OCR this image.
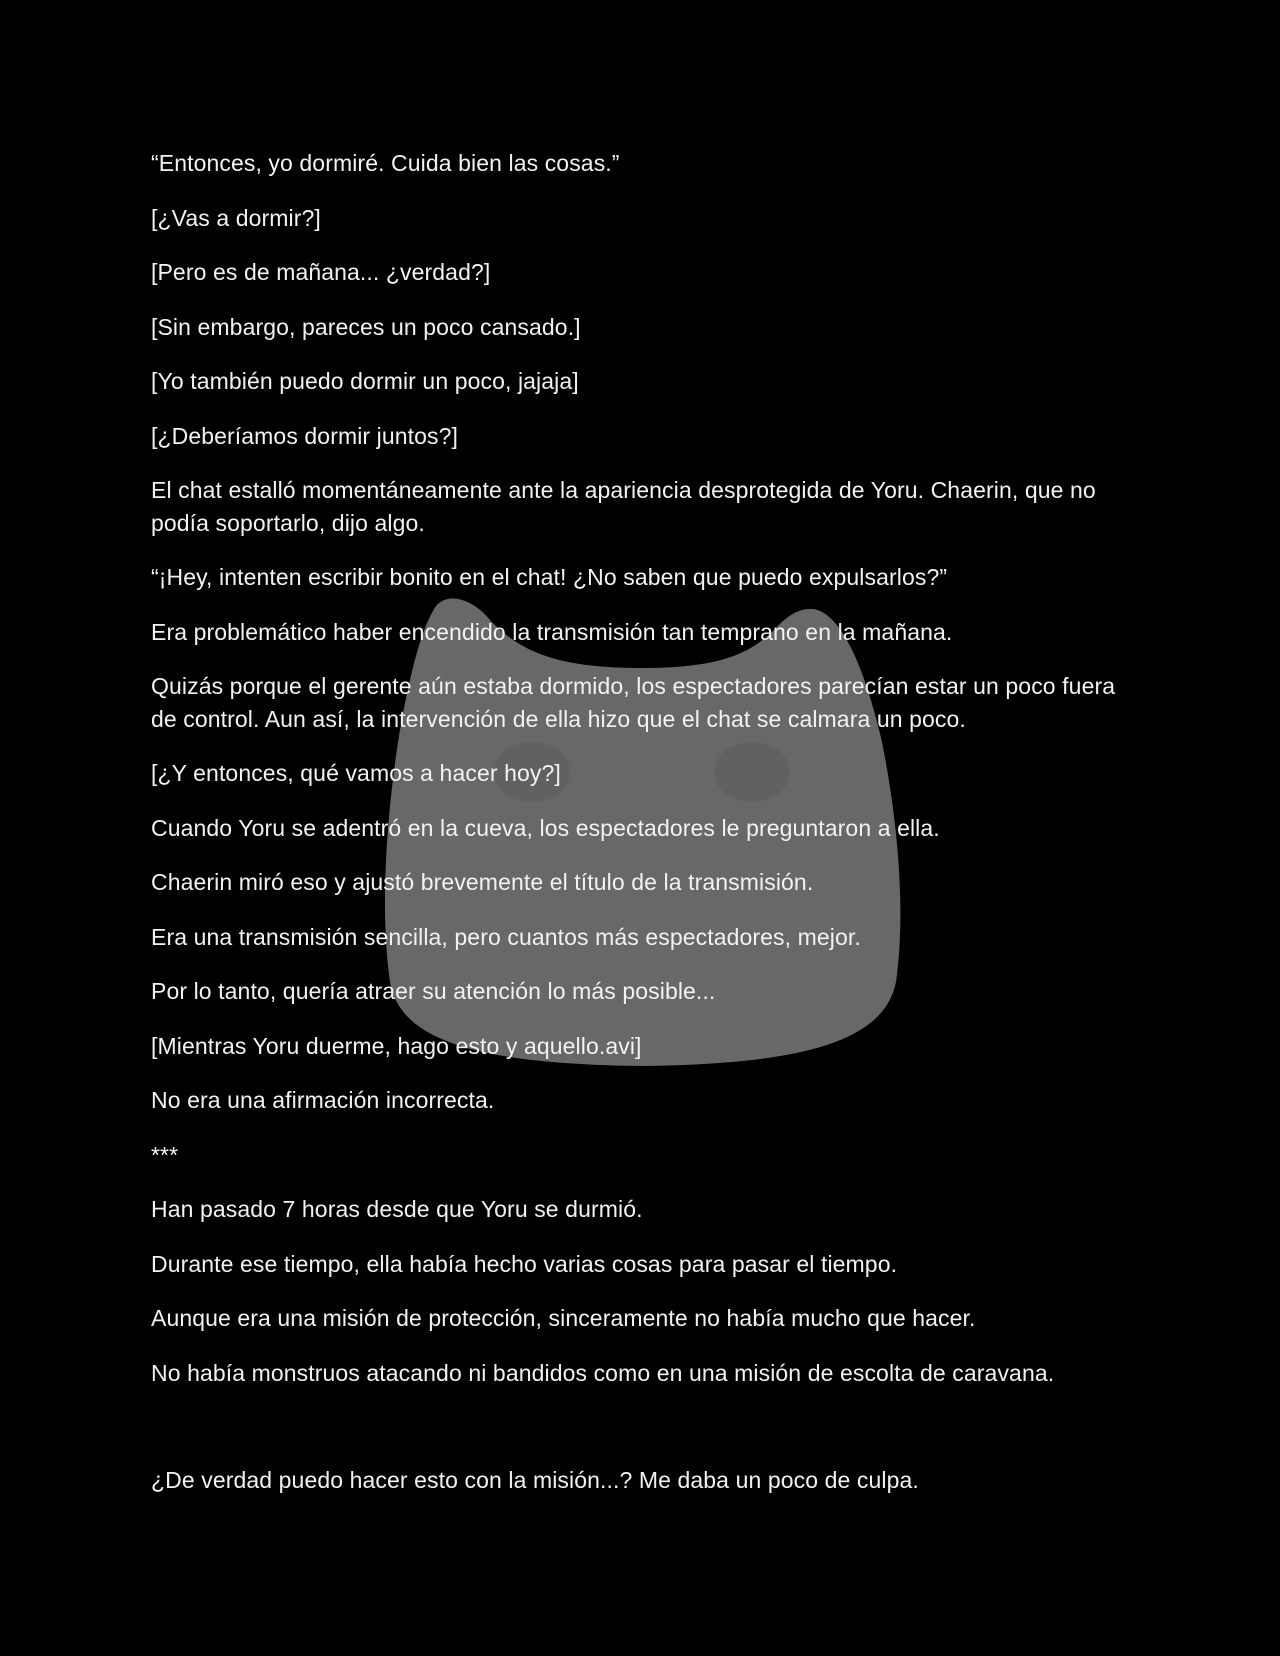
“Entonces, yo dormiré. Cuida bien las cosas.”

[¿Vas a dormir?]

[Pero es de mañana... ¿verdad?]

[Sin embargo, pareces un poco cansado.]

[Yo también puedo dormir un poco, jajaja]

[¿Deberíamos dormir juntos?]

El chat estalló momentáneamente ante la apariencia desprotegida de Yoru. Chaerin, que no podía soportarlo, dijo algo.

“¡Hey, intenten escribir bonito en el chat! ¿No saben que puedo expulsarlos?”

Era problemático haber encendido la transmisión tan temprano en la mañana.

Quizás porque el gerente aún estaba dormido, los espectadores parecían estar un poco fuera de control. Aun así, la intervención de ella hizo que el chat se calmara un poco.

[¿Y entonces, qué vamos a hacer hoy?]

Cuando Yoru se adentró en la cueva, los espectadores le preguntaron a ella.

Chaerin miró eso y ajustó brevemente el título de la transmisión.

Era una transmisión sencilla, pero cuantos más espectadores, mejor.

Por lo tanto, quería atraer su atención lo más posible...

[Mientras Yoru duerme, hago esto y aquello.avi]

No era una afirmación incorrecta.

***

Han pasado 7 horas desde que Yoru se durmió.

Durante ese tiempo, ella había hecho varias cosas para pasar el tiempo.

Aunque era una misión de protección, sinceramente no había mucho que hacer.

No había monstruos atacando ni bandidos como en una misión de escolta de caravana.

¿De verdad puedo hacer esto con la misión...? Me daba un poco de culpa.
